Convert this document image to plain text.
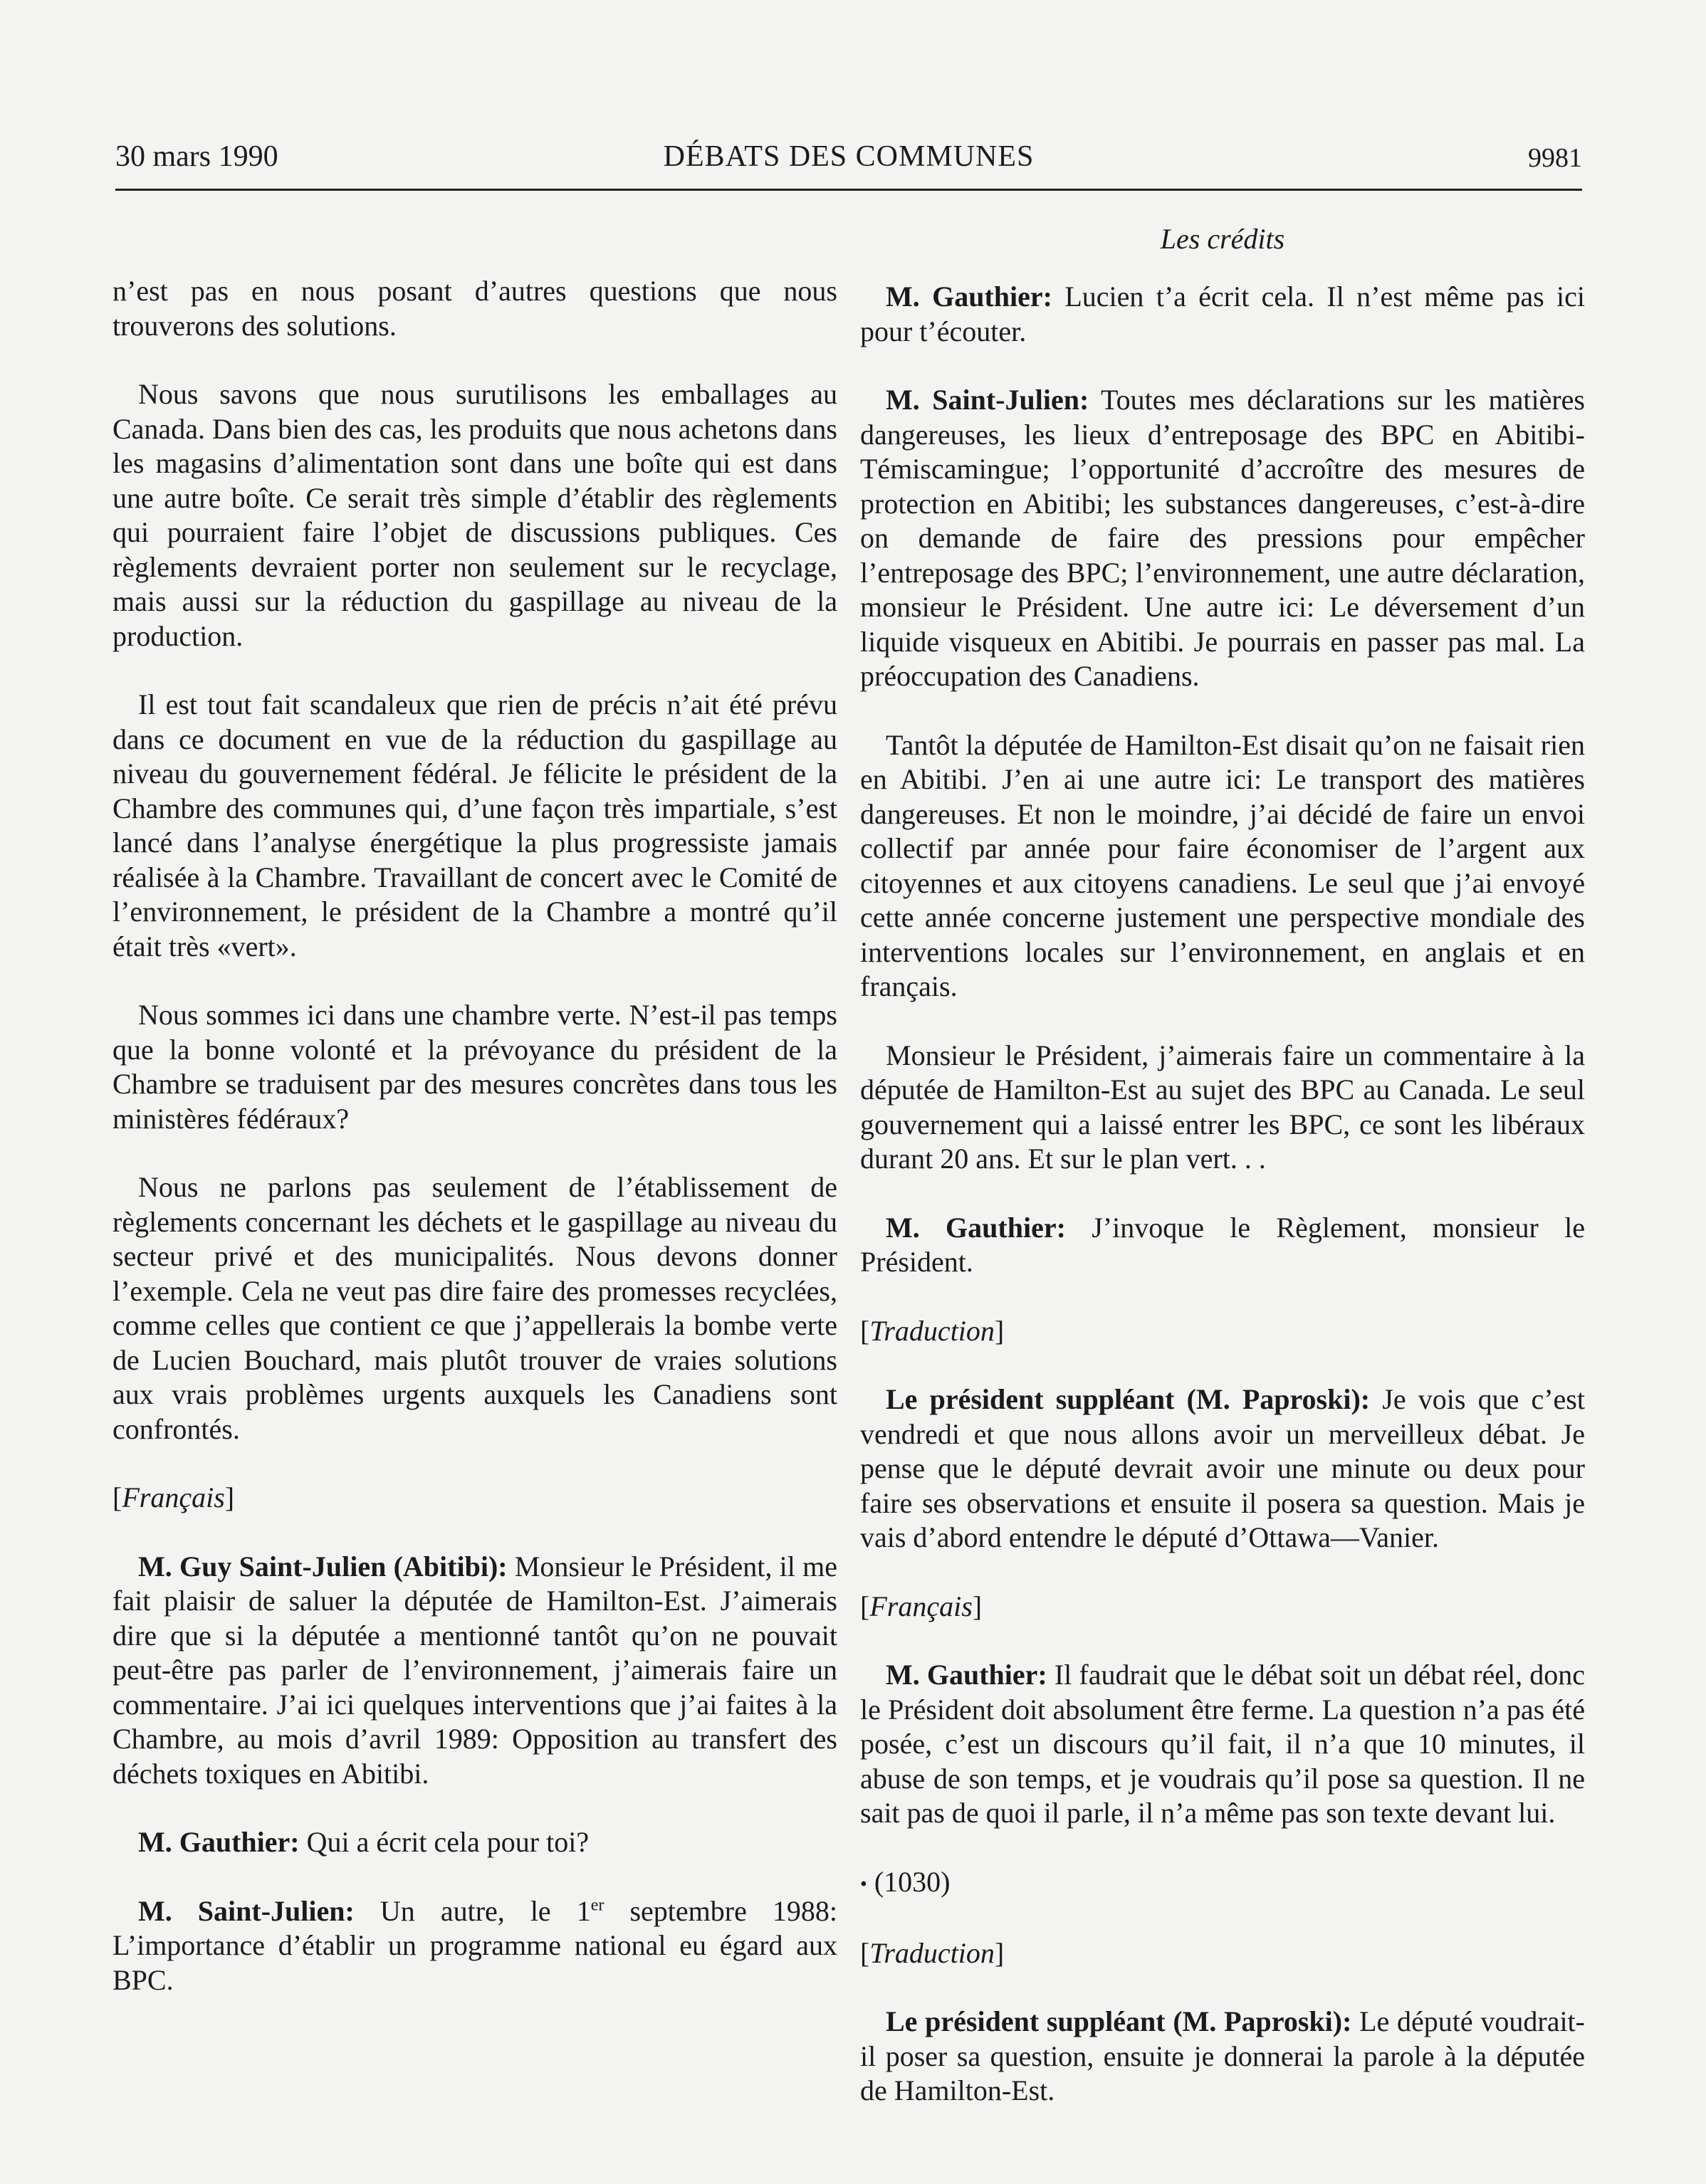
30 mars 1990	DÉBATS DES COMMUNES	9981
Les crédits

n’est pas en nous posant d’autres questions que nous trouverons des solutions.

Nous savons que nous surutilisons les emballages au Canada. Dans bien des cas, les produits que nous achetons dans les magasins d’alimentation sont dans une boîte qui est dans une autre boîte. Ce serait très simple d’établir des règlements qui pourraient faire l’objet de discussions publiques. Ces règlements devraient porter non seulement sur le recyclage, mais aussi sur la réduction du gaspillage au niveau de la production.

Il est tout fait scandaleux que rien de précis n’ait été prévu dans ce document en vue de la réduction du gaspillage au niveau du gouvernement fédéral. Je félicite le président de la Chambre des communes qui, d’une façon très impartiale, s’est lancé dans l’analyse énergétique la plus progressiste jamais réalisée à la Chambre. Travaillant de concert avec le Comité de l’environnement, le président de la Chambre a montré qu’il était très «vert».

Nous sommes ici dans une chambre verte. N’est-il pas temps que la bonne volonté et la prévoyance du président de la Chambre se traduisent par des mesures concrètes dans tous les ministères fédéraux?

Nous ne parlons pas seulement de l’établissement de règlements concernant les déchets et le gaspillage au niveau du secteur privé et des municipalités. Nous devons donner l’exemple. Cela ne veut pas dire faire des promesses recyclées, comme celles que contient ce que j’appellerais la bombe verte de Lucien Bouchard, mais plutôt trouver de vraies solutions aux vrais problèmes urgents auxquels les Canadiens sont confrontés.

[Français]

M. Guy Saint-Julien (Abitibi): Monsieur le Président, il me fait plaisir de saluer la députée de Hamilton-Est. J’aimerais dire que si la députée a mentionné tantôt qu’on ne pouvait peut-être pas parler de l’environnement, j’aimerais faire un commentaire. J’ai ici quelques interventions que j’ai faites à la Chambre, au mois d’avril 1989: Opposition au transfert des déchets toxiques en Abitibi.

M. Gauthier: Qui a écrit cela pour toi?

M. Saint-Julien: Un autre, le 1er septembre 1988: L’importance d’établir un programme national eu égard aux BPC.

M. Gauthier: Lucien t’a écrit cela. Il n’est même pas ici pour t’écouter.

M. Saint-Julien: Toutes mes déclarations sur les matières dangereuses, les lieux d’entreposage des BPC en Abitibi-Témiscamingue; l’opportunité d’accroître des mesures de protection en Abitibi; les substances dangereuses, c’est-à-dire on demande de faire des pressions pour empêcher l’entreposage des BPC; l’environnement, une autre déclaration, monsieur le Président. Une autre ici: Le déversement d’un liquide visqueux en Abitibi. Je pourrais en passer pas mal. La préoccupation des Canadiens.

Tantôt la députée de Hamilton-Est disait qu’on ne faisait rien en Abitibi. J’en ai une autre ici: Le transport des matières dangereuses. Et non le moindre, j’ai décidé de faire un envoi collectif par année pour faire économiser de l’argent aux citoyennes et aux citoyens canadiens. Le seul que j’ai envoyé cette année concerne justement une perspective mondiale des interventions locales sur l’environnement, en anglais et en français.

Monsieur le Président, j’aimerais faire un commentaire à la députée de Hamilton-Est au sujet des BPC au Canada. Le seul gouvernement qui a laissé entrer les BPC, ce sont les libéraux durant 20 ans. Et sur le plan vert. . .

M. Gauthier: J’invoque le Règlement, monsieur le Président.

[Traduction]

Le président suppléant (M. Paproski): Je vois que c’est vendredi et que nous allons avoir un merveilleux débat. Je pense que le député devrait avoir une minute ou deux pour faire ses observations et ensuite il posera sa question. Mais je vais d’abord entendre le député d’Ottawa—Vanier.

[Français]

M. Gauthier: Il faudrait que le débat soit un débat réel, donc le Président doit absolument être ferme. La question n’a pas été posée, c’est un discours qu’il fait, il n’a que 10 minutes, il abuse de son temps, et je voudrais qu’il pose sa question. Il ne sait pas de quoi il parle, il n’a même pas son texte devant lui.

• (1030)
[Traduction]

Le président suppléant (M. Paproski): Le député voudrait-il poser sa question, ensuite je donnerai la parole à la députée de Hamilton-Est.
